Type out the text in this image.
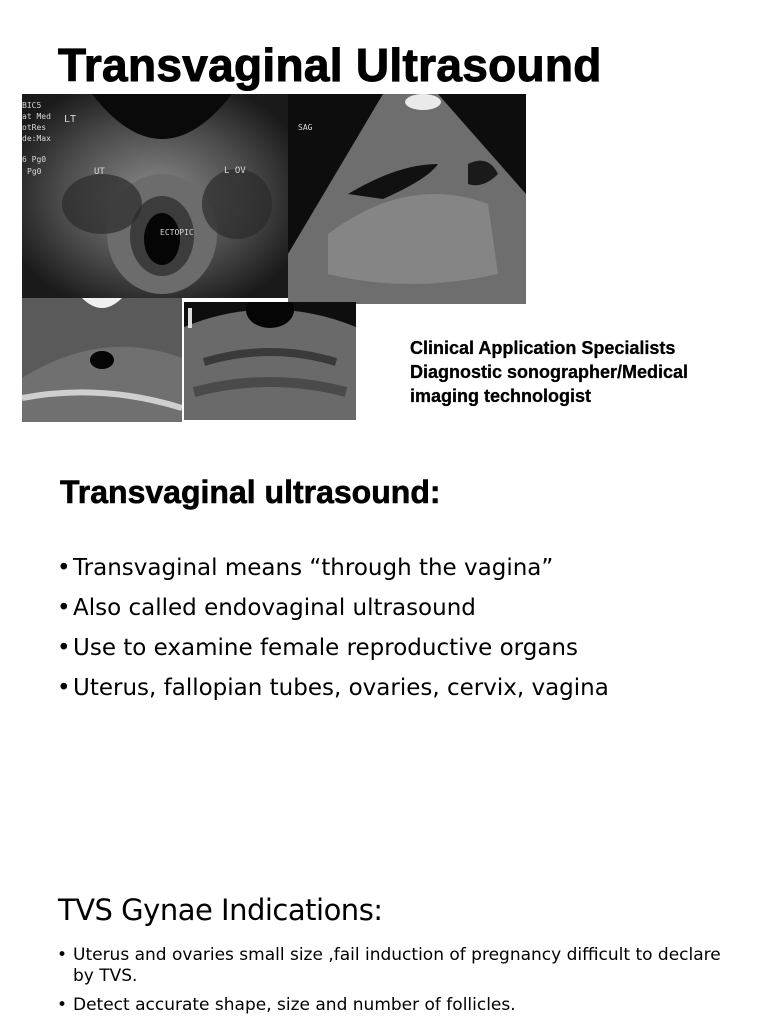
Transvaginal Ultrasound
LT
UT	L OV
ECTOPIC
BIC5
at Med
otRes
de:Max
6 Pg0
Pg0
SAG
Clinical Application Specialists
Diagnostic sonographer/Medical
imaging technologist
Transvaginal ultrasound:
• Transvaginal means “through the vagina”
• Also called endovaginal ultrasound
• Use to examine female reproductive organs
• Uterus, fallopian tubes, ovaries, cervix, vagina
TVS Gynae Indications:
• Uterus and ovaries small size ,fail induction of pregnancy difficult to declare by TVS.
• Detect accurate shape, size and number of follicles.
